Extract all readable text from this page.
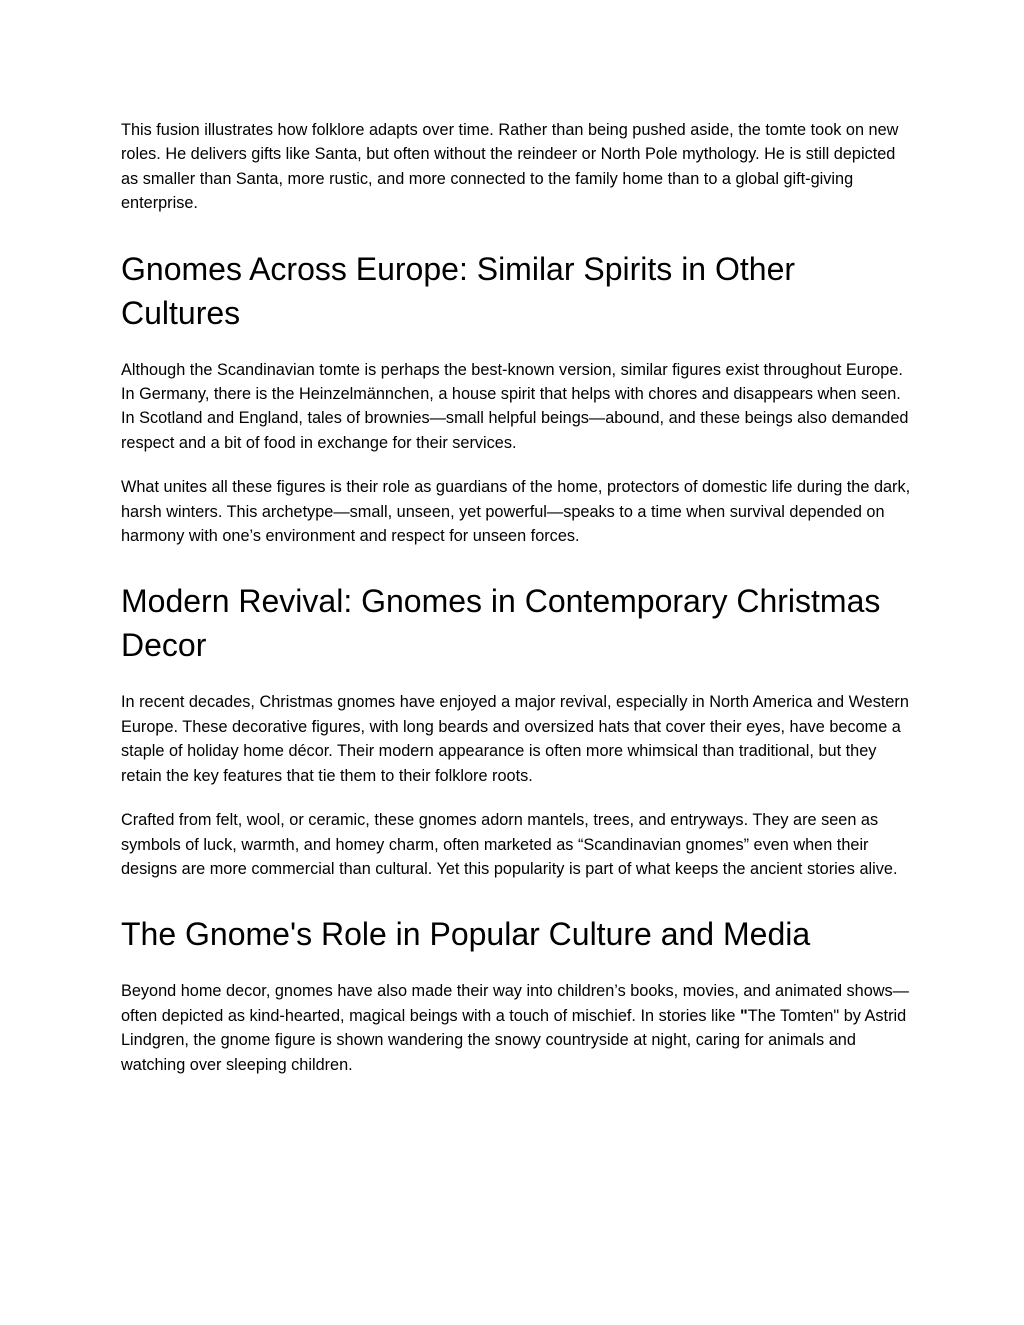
This fusion illustrates how folklore adapts over time. Rather than being pushed aside, the tomte took on new roles. He delivers gifts like Santa, but often without the reindeer or North Pole mythology. He is still depicted as smaller than Santa, more rustic, and more connected to the family home than to a global gift-giving enterprise.

Gnomes Across Europe: Similar Spirits in Other Cultures

Although the Scandinavian tomte is perhaps the best-known version, similar figures exist throughout Europe. In Germany, there is the Heinzelmännchen, a house spirit that helps with chores and disappears when seen. In Scotland and England, tales of brownies—small helpful beings—abound, and these beings also demanded respect and a bit of food in exchange for their services.

What unites all these figures is their role as guardians of the home, protectors of domestic life during the dark, harsh winters. This archetype—small, unseen, yet powerful—speaks to a time when survival depended on harmony with one’s environment and respect for unseen forces.

Modern Revival: Gnomes in Contemporary Christmas Decor

In recent decades, Christmas gnomes have enjoyed a major revival, especially in North America and Western Europe. These decorative figures, with long beards and oversized hats that cover their eyes, have become a staple of holiday home décor. Their modern appearance is often more whimsical than traditional, but they retain the key features that tie them to their folklore roots.

Crafted from felt, wool, or ceramic, these gnomes adorn mantels, trees, and entryways. They are seen as symbols of luck, warmth, and homey charm, often marketed as “Scandinavian gnomes” even when their designs are more commercial than cultural. Yet this popularity is part of what keeps the ancient stories alive.

The Gnome's Role in Popular Culture and Media

Beyond home decor, gnomes have also made their way into children’s books, movies, and animated shows—often depicted as kind-hearted, magical beings with a touch of mischief. In stories like "The Tomten" by Astrid Lindgren, the gnome figure is shown wandering the snowy countryside at night, caring for animals and watching over sleeping children.
